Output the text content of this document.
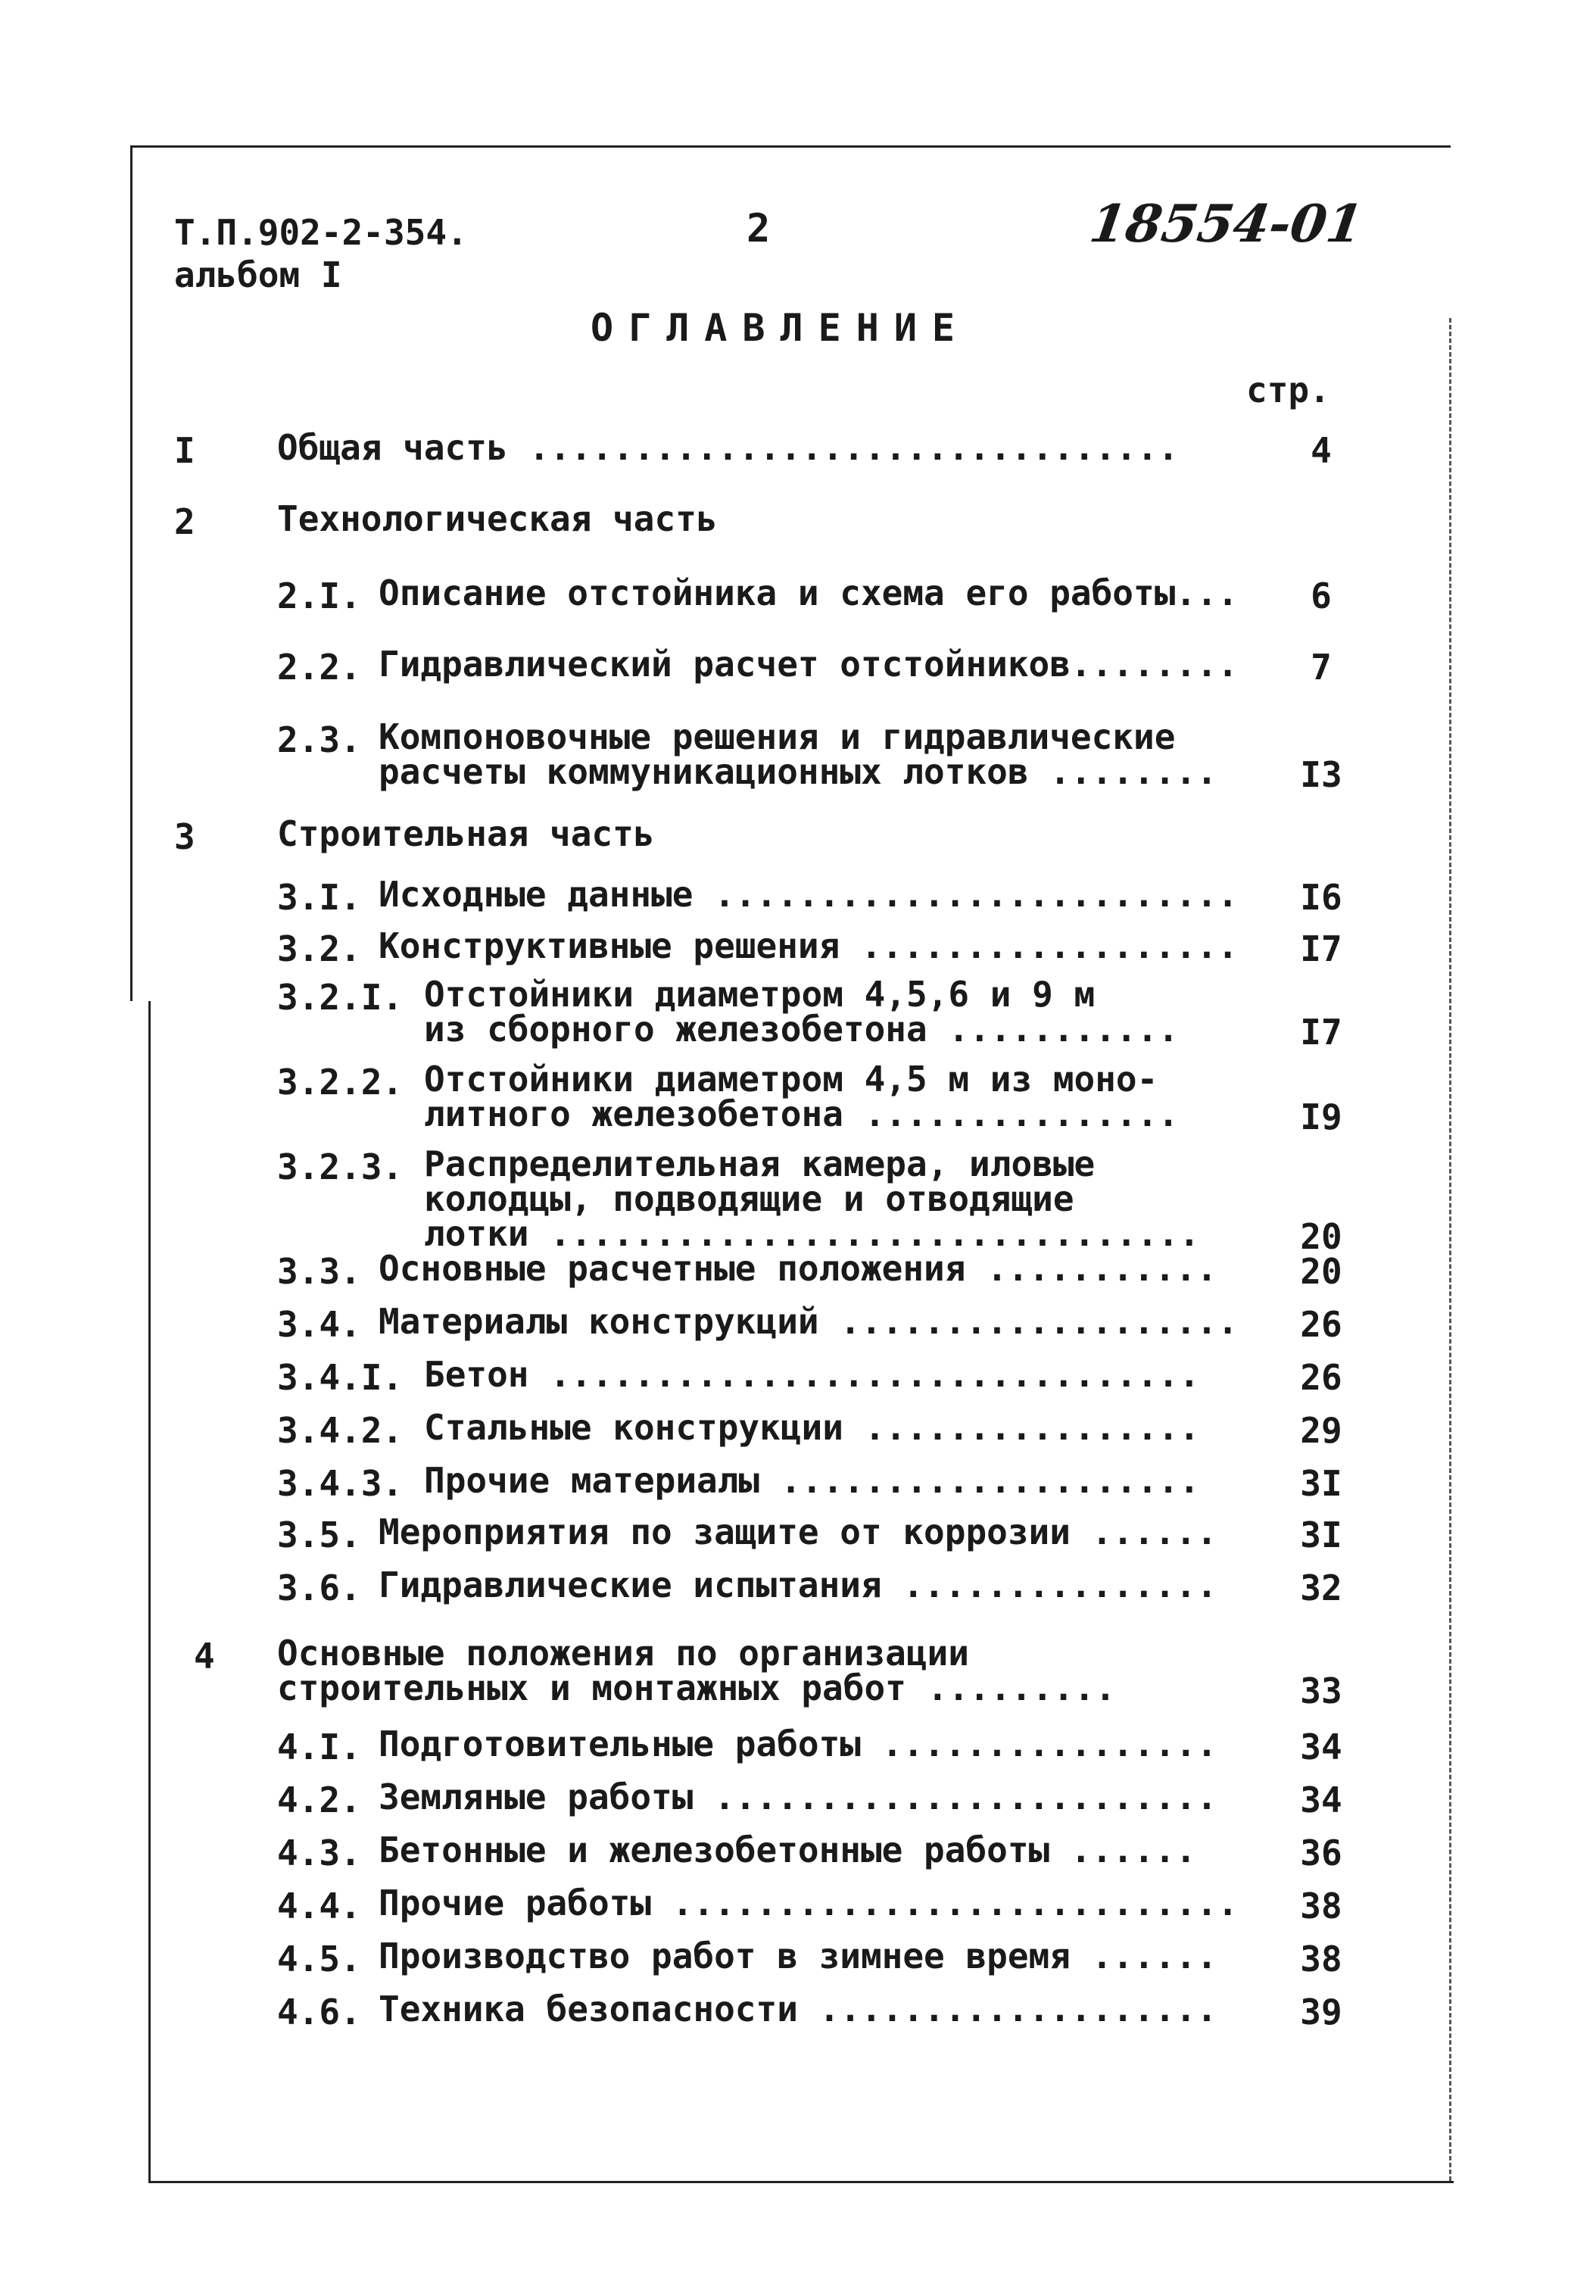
Т.П.902-2-354.
альбом I
2	18554-01
ОГЛАВЛЕНИЕ
стр.
I Общая часть ...............................	4
2 Технологическая часть
2.I. Описание отстойника и схема его работы...	6
2.2. Гидравлический расчет отстойников........	7
2.3. Компоновочные решения и гидравлические
расчеты коммуникационных лотков ........	I3
3 Строительная часть
3.I. Исходные данные .........................	I6
3.2. Конструктивные решения ..................	I7
3.2.I. Отстойники диаметром 4,5,6 и 9 м
из сборного железобетона ...........	I7
3.2.2. Отстойники диаметром 4,5 м из моно-
литного железобетона ...............	I9
3.2.3. Распределительная камера, иловые
колодцы, подводящие и отводящие
лотки ...............................	20
3.3. Основные расчетные положения ...........	20
3.4. Материалы конструкций ...................	26
3.4.I. Бетон ...............................	26
3.4.2. Стальные конструкции ................	29
3.4.3. Прочие материалы ....................	3I
3.5. Мероприятия по защите от коррозии ......	3I
3.6. Гидравлические испытания ...............	32
4 Основные положения по организации
строительных и монтажных работ .........	33
4.I. Подготовительные работы ................	34
4.2. Земляные работы ........................	34
4.3. Бетонные и железобетонные работы ......	36
4.4. Прочие работы ...........................	38
4.5. Производство работ в зимнее время ......	38
4.6. Техника безопасности ...................	39
